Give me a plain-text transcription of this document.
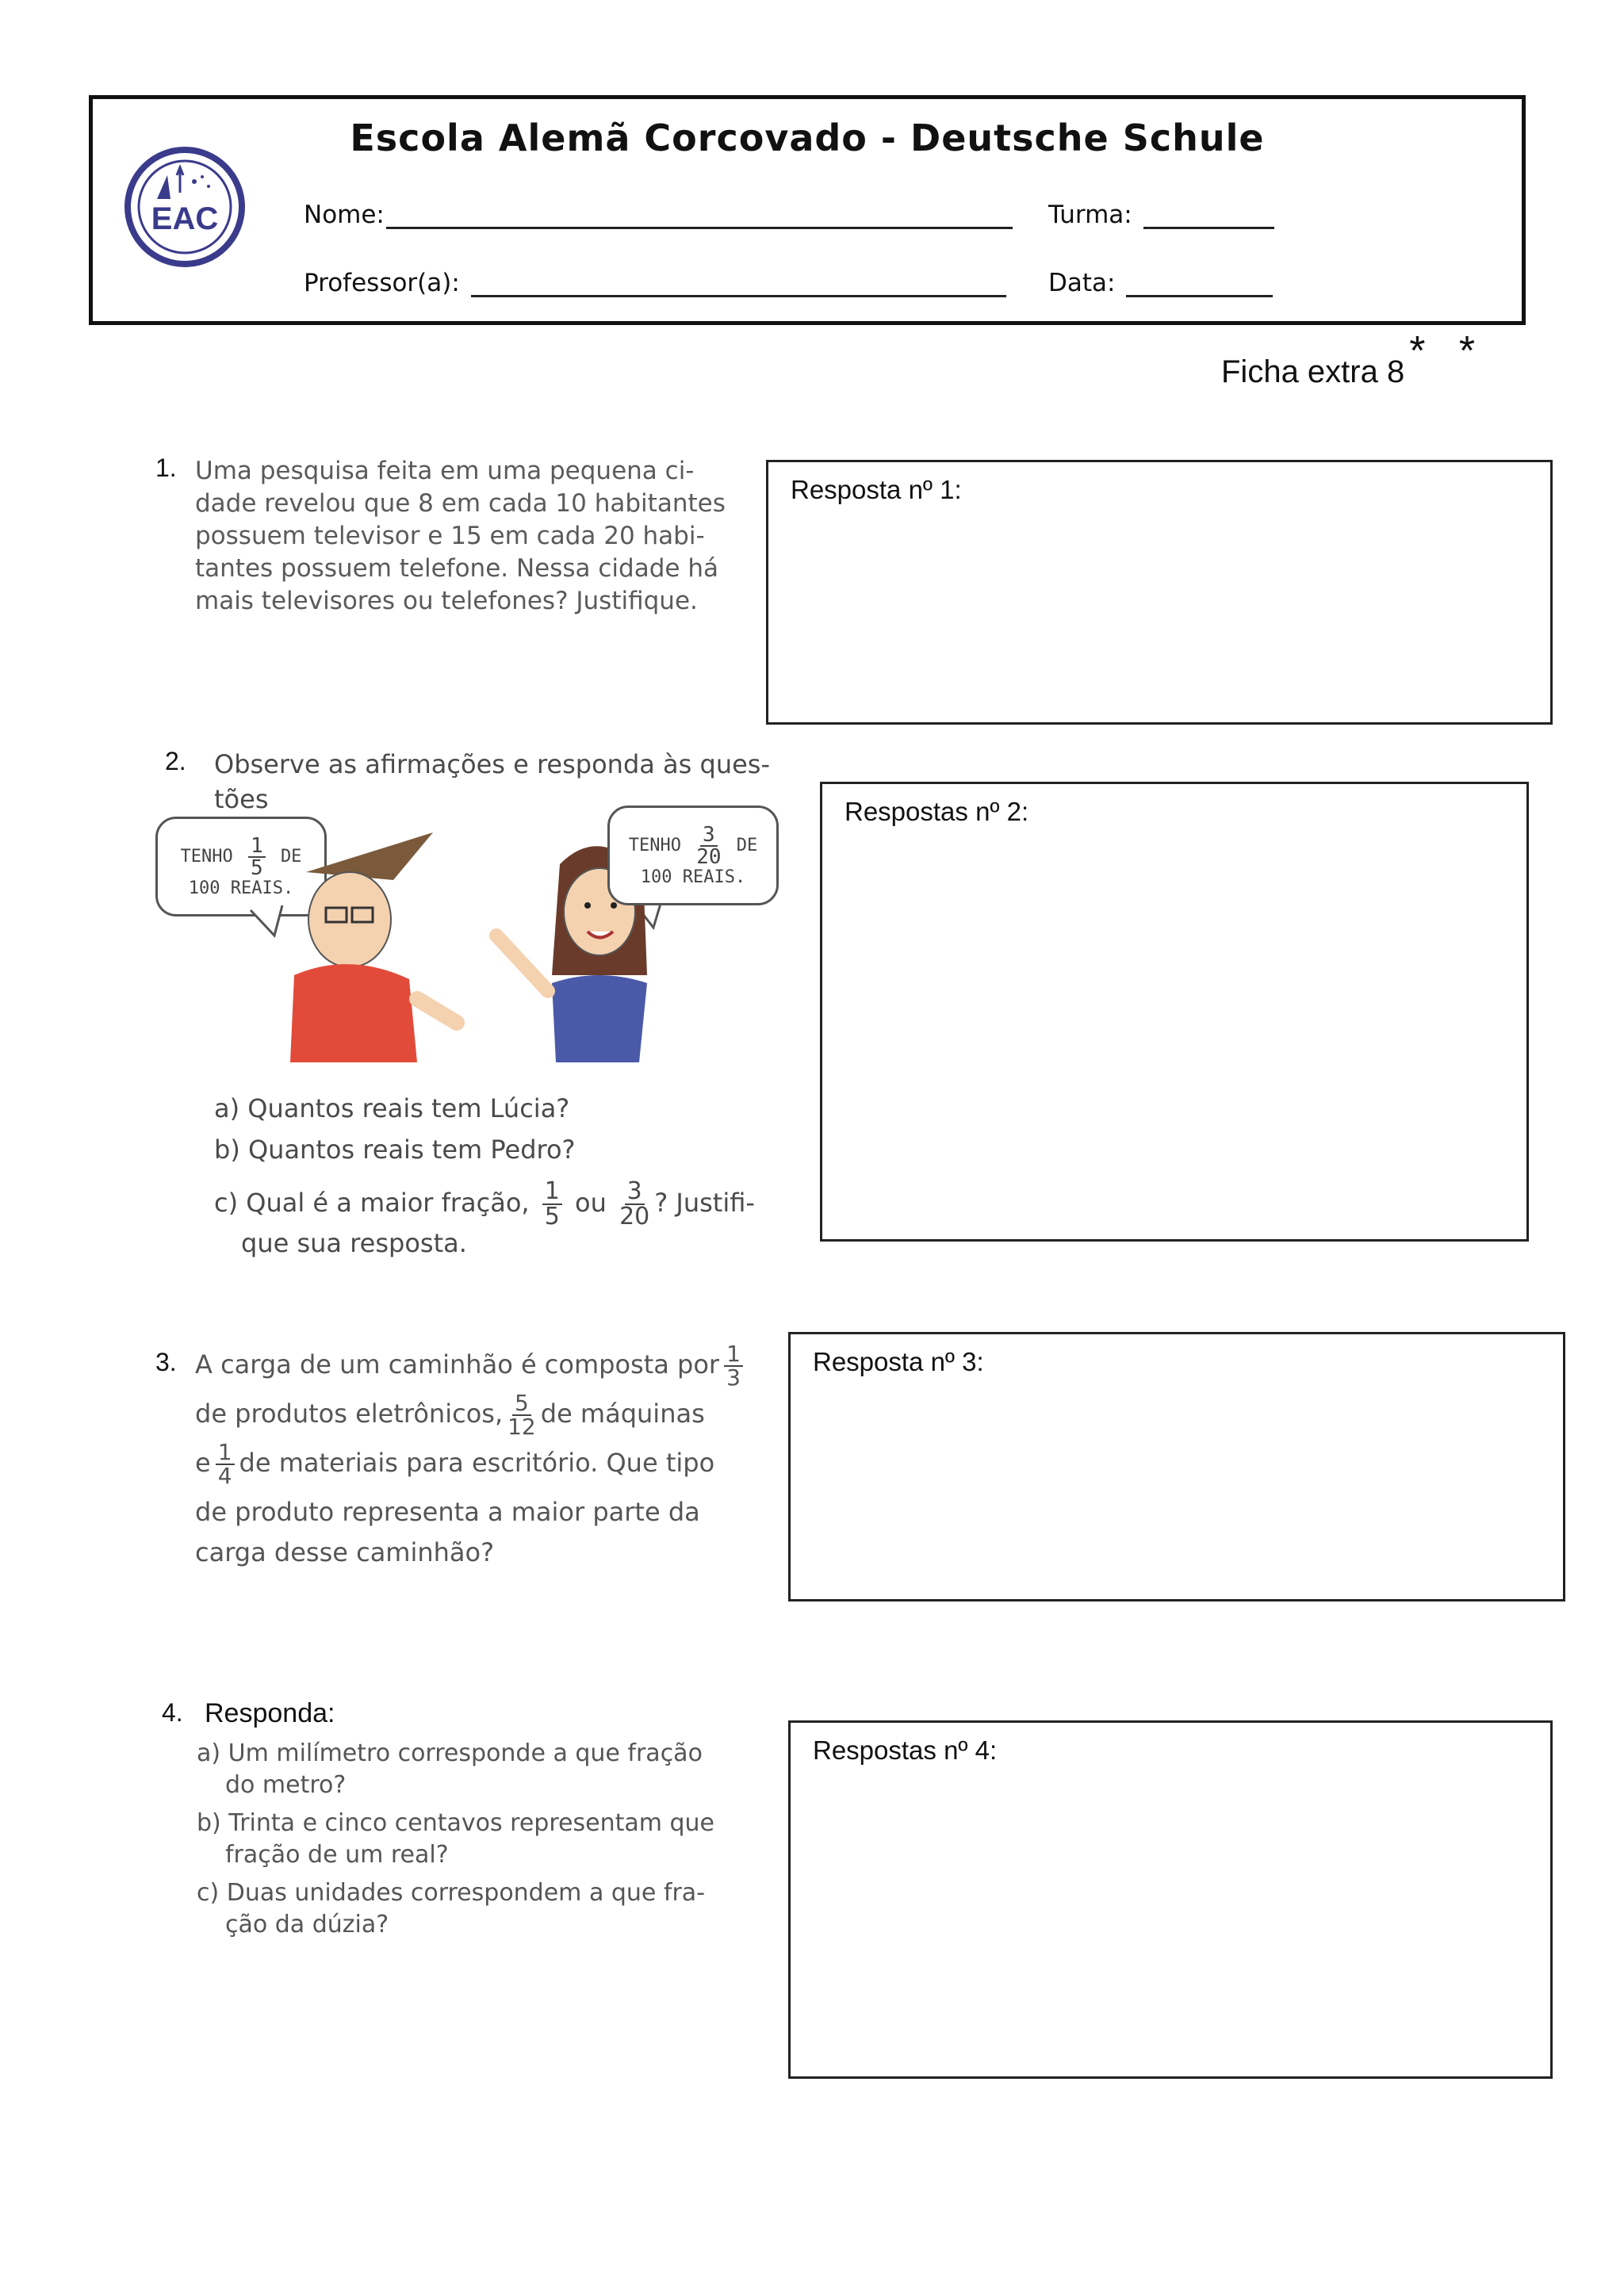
EAC
Escola Alemã Corcovado - Deutsche Schule
Nome:	Turma:
Professor(a):	Data:
Ficha extra 8 * *
1. Uma pesquisa feita em uma pequena ci-
dade revelou que 8 em cada 10 habitantes
possuem televisor e 15 em cada 20 habi-
tantes possuem telefone. Nessa cidade há
mais televisores ou telefones? Justifique.
Resposta nº 1:
2. Observe as afirmações e responda às ques-
tões
TENHO $\frac{1}{5}$ DE
100 REAIS.
TENHO $\frac{3}{20}$ DE
100 REAIS.
a) Quantos reais tem Lúcia?
b) Quantos reais tem Pedro?
c) Qual é a maior fração, $\frac{1}{5}$ ou $\frac{3}{20}$ ? Justifi-
que sua resposta.
Respostas nº 2:
3. A carga de um caminhão é composta por $\frac{1}{3}$
de produtos eletrônicos, $\frac{5}{12}$ de máquinas
e $\frac{1}{4}$ de materiais para escritório. Que tipo
de produto representa a maior parte da
carga desse caminhão?
Resposta nº 3:
4. Responda:
a) Um milímetro corresponde a que fração
do metro?
b) Trinta e cinco centavos representam que
fração de um real?
c) Duas unidades correspondem a que fra-
ção da dúzia?
Respostas nº 4:
